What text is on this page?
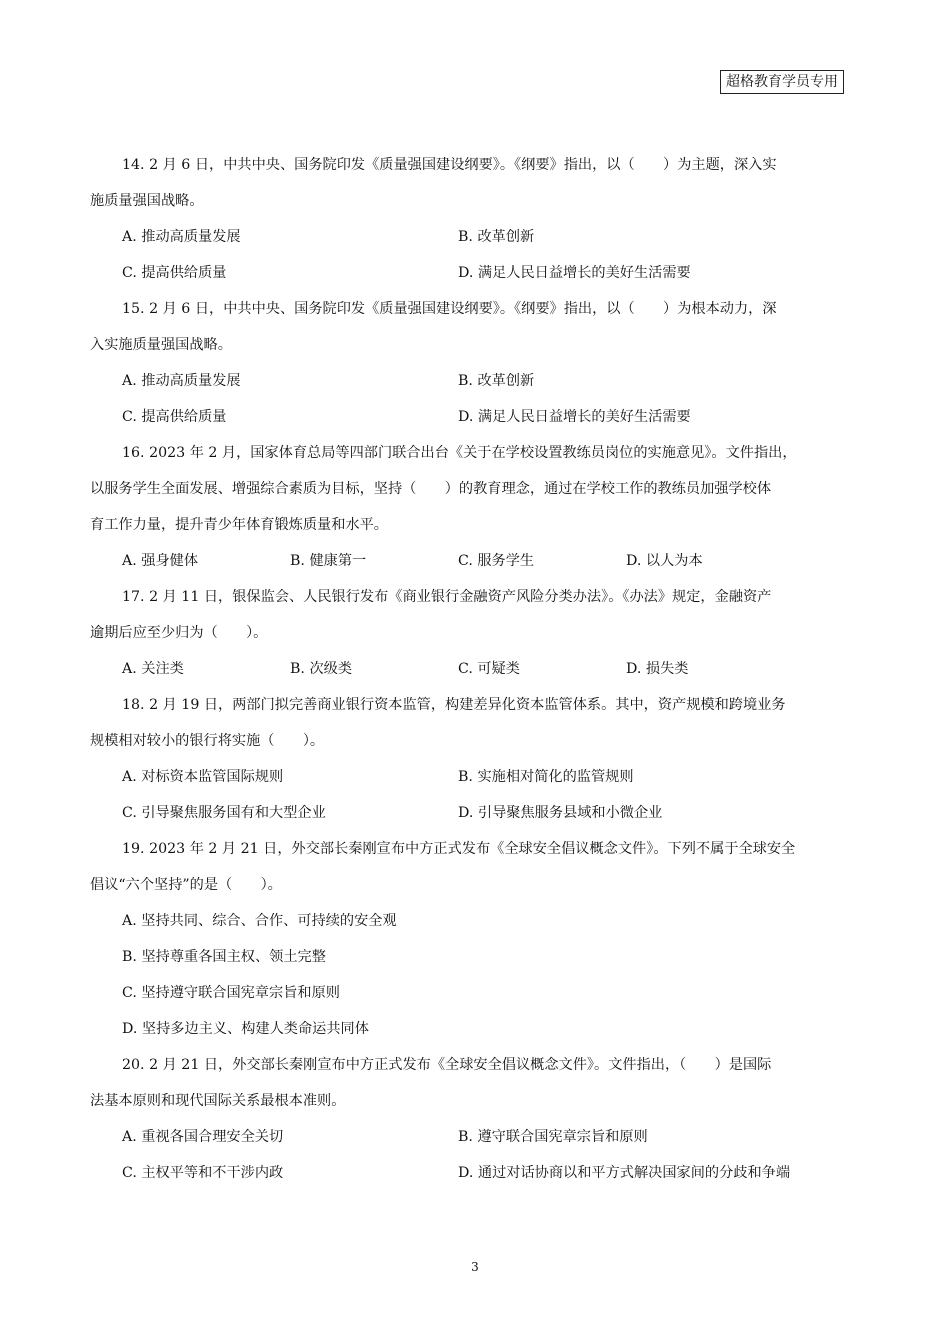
超格教育学员专用
14. 2 月 6 日，中共中央、国务院印发《质量强国建设纲要》。《纲要》指出，以（　　）为主题，深入实
施质量强国战略。
A. 推动高质量发展	B. 改革创新
C. 提高供给质量	D. 满足人民日益增长的美好生活需要
15. 2 月 6 日，中共中央、国务院印发《质量强国建设纲要》。《纲要》指出，以（　　）为根本动力，深
入实施质量强国战略。
A. 推动高质量发展	B. 改革创新
C. 提高供给质量	D. 满足人民日益增长的美好生活需要
16. 2023 年 2 月，国家体育总局等四部门联合出台《关于在学校设置教练员岗位的实施意见》。文件指出，
以服务学生全面发展、增强综合素质为目标，坚持（　　）的教育理念，通过在学校工作的教练员加强学校体
育工作力量，提升青少年体育锻炼质量和水平。
A. 强身健体	B. 健康第一	C. 服务学生	D. 以人为本
17. 2 月 11 日，银保监会、人民银行发布《商业银行金融资产风险分类办法》。《办法》规定，金融资产
逾期后应至少归为（　　）。
A. 关注类	B. 次级类	C. 可疑类	D. 损失类
18. 2 月 19 日，两部门拟完善商业银行资本监管，构建差异化资本监管体系。其中，资产规模和跨境业务
规模相对较小的银行将实施（　　）。
A. 对标资本监管国际规则	B. 实施相对简化的监管规则
C. 引导聚焦服务国有和大型企业	D. 引导聚焦服务县域和小微企业
19. 2023 年 2 月 21 日，外交部长秦刚宣布中方正式发布《全球安全倡议概念文件》。下列不属于全球安全
倡议“六个坚持”的是（　　）。
A. 坚持共同、综合、合作、可持续的安全观
B. 坚持尊重各国主权、领土完整
C. 坚持遵守联合国宪章宗旨和原则
D. 坚持多边主义、构建人类命运共同体
20. 2 月 21 日，外交部长秦刚宣布中方正式发布《全球安全倡议概念文件》。文件指出，（　　）是国际
法基本原则和现代国际关系最根本准则。
A. 重视各国合理安全关切	B. 遵守联合国宪章宗旨和原则
C. 主权平等和不干涉内政	D. 通过对话协商以和平方式解决国家间的分歧和争端
3
